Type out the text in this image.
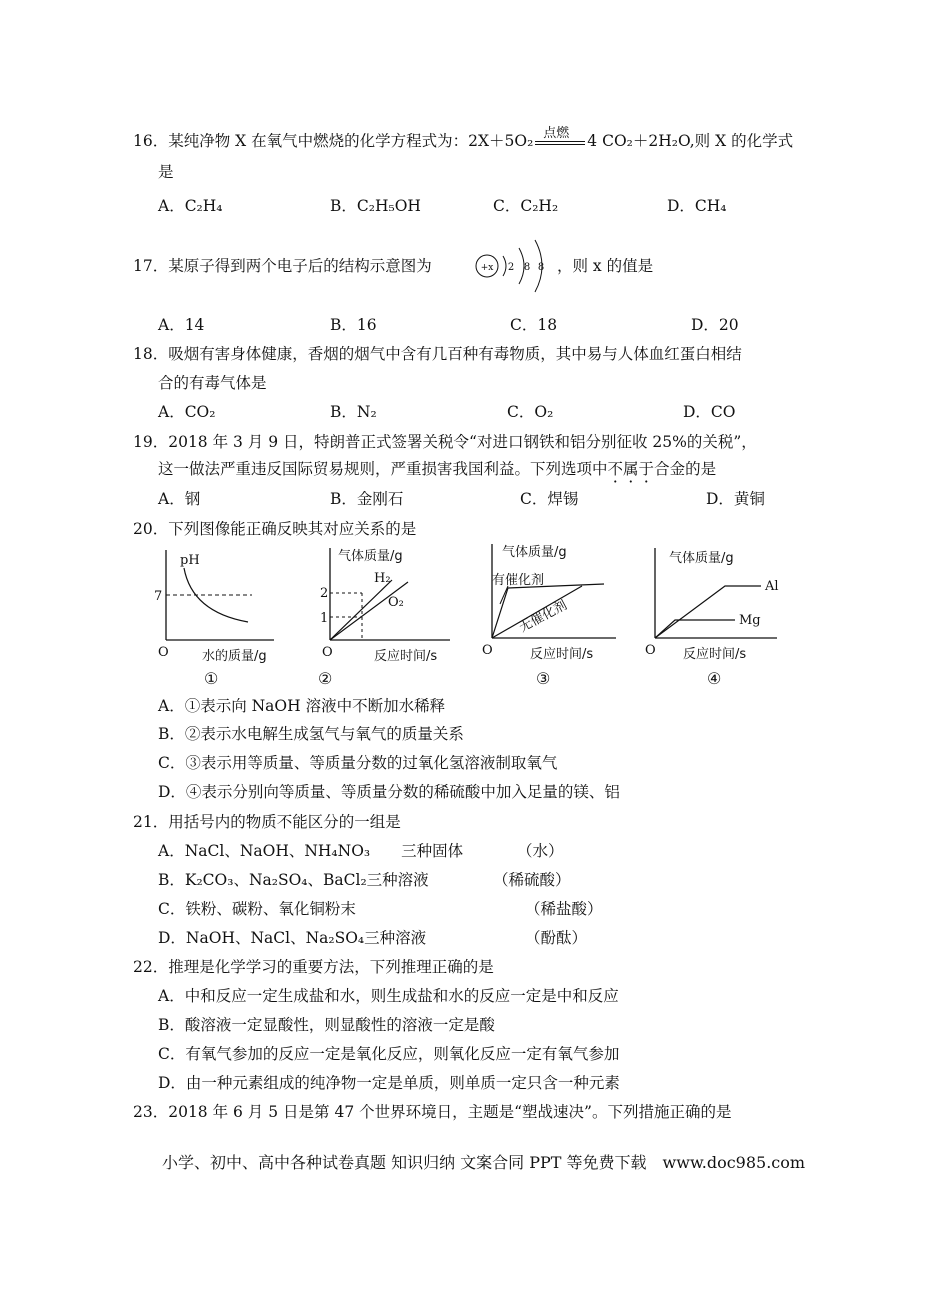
16．某纯净物 X 在氧气中燃烧的化学方程式为：2X＋5O₂ 点燃 4 CO₂＋2H₂O,则 X 的化学式
是
A．C₂H₄	B．C₂H₅OH	C．C₂H₂	D．CH₄
17．某原子得到两个电子后的结构示意图为	+x 2 8 8 ，则 x 的值是
A．14	B．16	C．18	D．20
18．吸烟有害身体健康，香烟的烟气中含有几百种有毒物质，其中易与人体血红蛋白相结
合的有毒气体是
A．CO₂	B．N₂	C．O₂	D．CO
19．2018 年 3 月 9 日，特朗普正式签署关税令“对进口钢铁和铝分别征收 25%的关税”，
这一做法严重违反国际贸易规则，严重损害我国利益。下列选项中不属于合金的是
A．钢	B．金刚石	C．焊锡	D．黄铜
20．下列图像能正确反映其对应关系的是
pH
7
O	水的质量/g
①
气体质量/g
2
1
H₂
O₂
O	反应时间/s
②
气体质量/g
有催化剂
无催化剂
O	反应时间/s
③
气体质量/g
Al
Mg
O 反应时间/s
④
A．①表示向 NaOH 溶液中不断加水稀释
B．②表示水电解生成氢气与氧气的质量关系
C．③表示用等质量、等质量分数的过氧化氢溶液制取氧气
D．④表示分别向等质量、等质量分数的稀硫酸中加入足量的镁、铝
21．用括号内的物质不能区分的一组是
A．NaCl、NaOH、NH₄NO₃　　三种固体	（水）
B．K₂CO₃、Na₂SO₄、BaCl₂三种溶液	（稀硫酸）
C．铁粉、碳粉、氧化铜粉末	（稀盐酸）
D．NaOH、NaCl、Na₂SO₄三种溶液	（酚酞）
22．推理是化学学习的重要方法，下列推理正确的是
A．中和反应一定生成盐和水，则生成盐和水的反应一定是中和反应
B．酸溶液一定显酸性，则显酸性的溶液一定是酸
C．有氧气参加的反应一定是氧化反应，则氧化反应一定有氧气参加
D．由一种元素组成的纯净物一定是单质，则单质一定只含一种元素
23．2018 年 6 月 5 日是第 47 个世界环境日，主题是“塑战速决”。下列措施正确的是
小学、初中、高中各种试卷真题 知识归纳 文案合同 PPT 等免费下载　www.doc985.com
